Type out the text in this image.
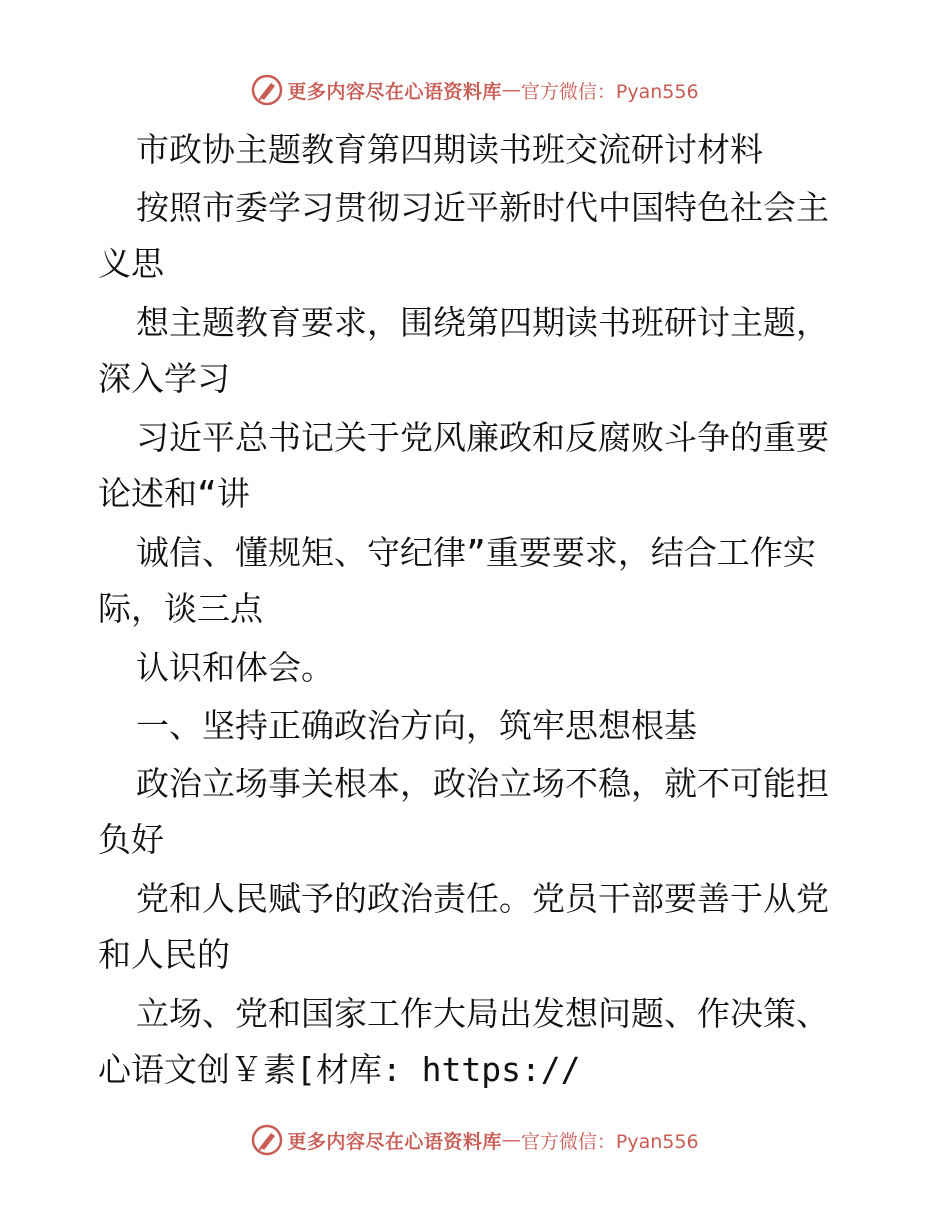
更多内容尽在心语资料库 — 官方微信：Pyan556
市政协主题教育第四期读书班交流研讨材料
按照市委学习贯彻习近平新时代中国特色社会主
义思
想主题教育要求，围绕第四期读书班研讨主题，
深入学习
习近平总书记关于党风廉政和反腐败斗争的重要
论述和“讲
诚信、懂规矩、守纪律”重要要求，结合工作实
际，谈三点
认识和体会。
一、坚持正确政治方向，筑牢思想根基
政治立场事关根本，政治立场不稳，就不可能担
负好
党和人民赋予的政治责任。党员干部要善于从党
和人民的
立场、党和国家工作大局出发想问题、作决策、
心语文创￥素[材库: https://
更多内容尽在心语资料库 — 官方微信：Pyan556
